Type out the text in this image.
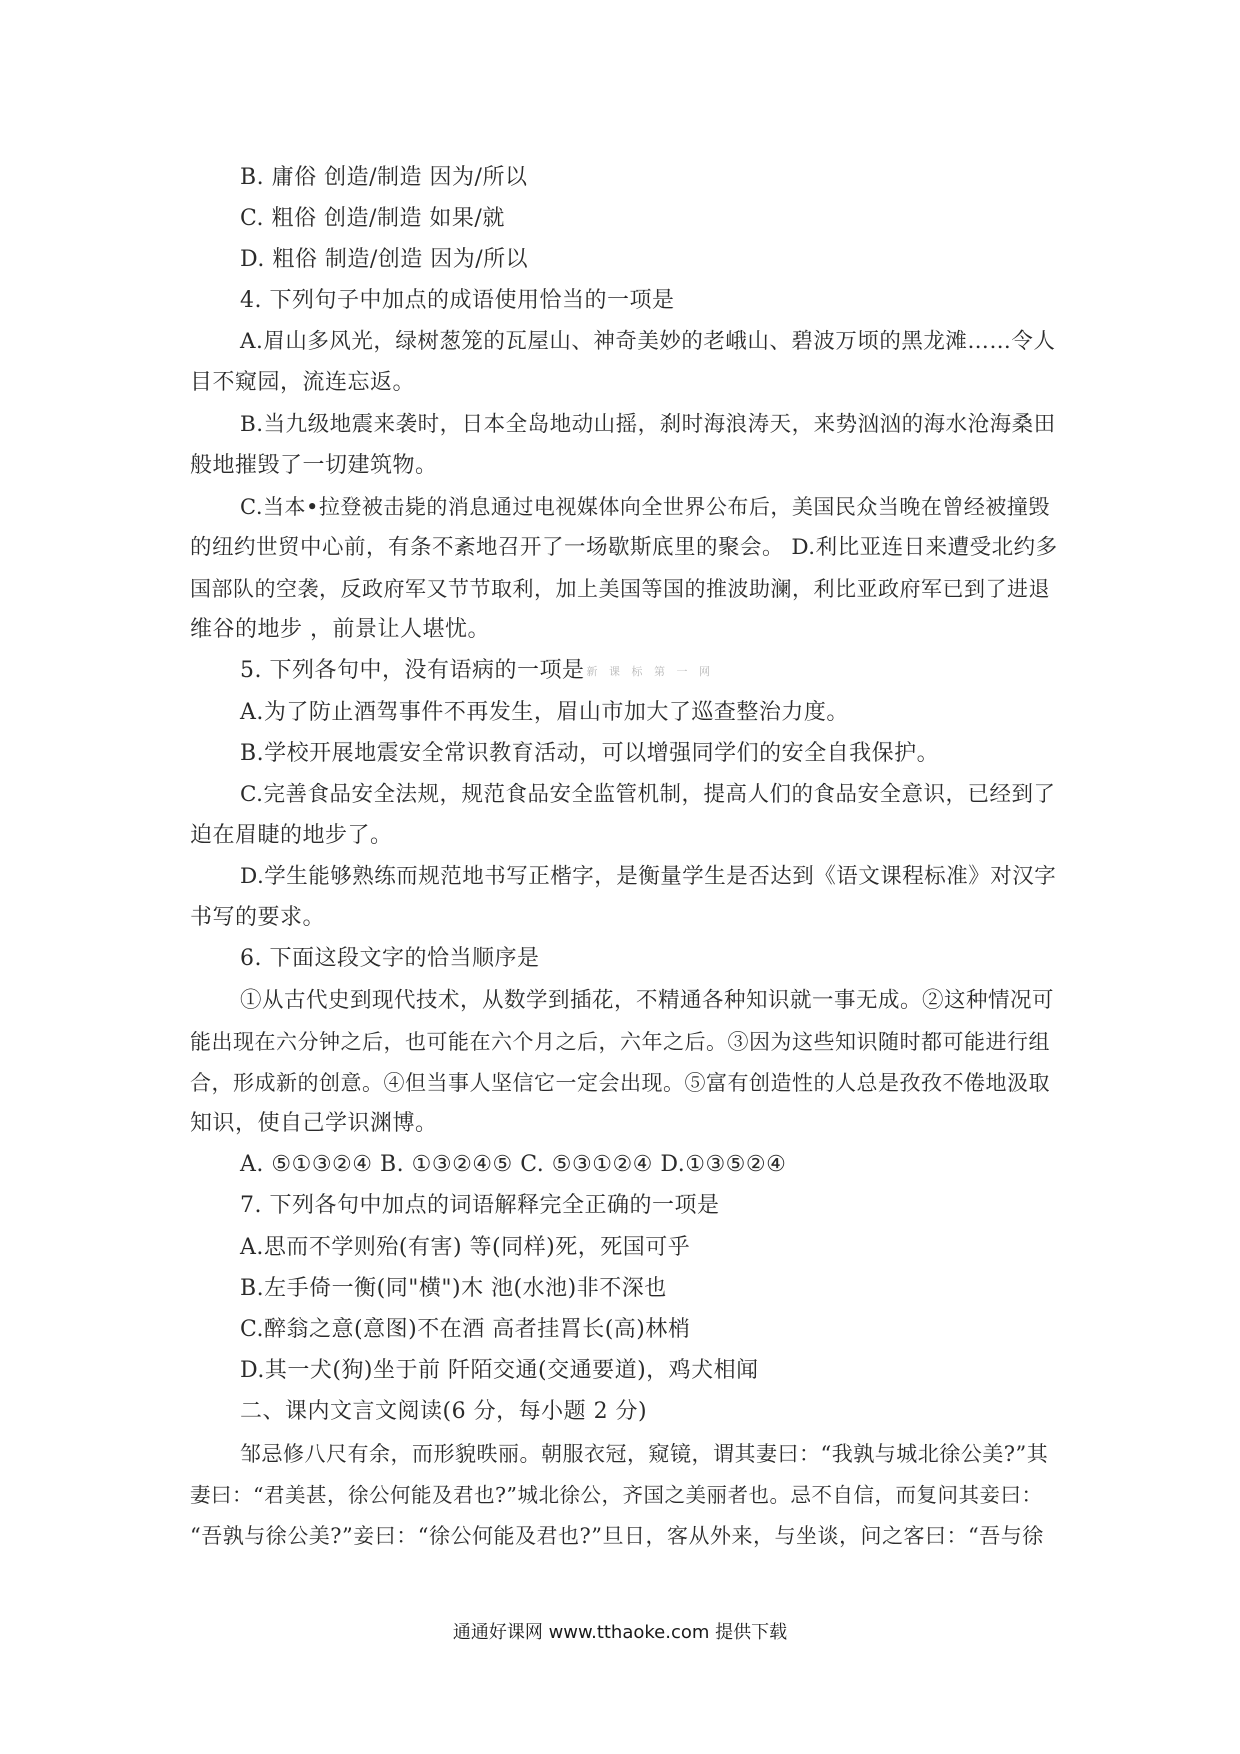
B. 庸俗 创造/制造 因为/所以
C. 粗俗 创造/制造 如果/就
D. 粗俗 制造/创造 因为/所以
4. 下列句子中加点的成语使用恰当的一项是
A.眉山多风光，绿树葱笼的瓦屋山、神奇美妙的老峨山、碧波万顷的黑龙滩……令人
目不窥园，流连忘返。
B.当九级地震来袭时，日本全岛地动山摇，刹时海浪涛天，来势汹汹的海水沧海桑田
般地摧毁了一切建筑物。
C.当本•拉登被击毙的消息通过电视媒体向全世界公布后，美国民众当晚在曾经被撞毁
的纽约世贸中心前，有条不紊地召开了一场歇斯底里的聚会。 D.利比亚连日来遭受北约多
国部队的空袭，反政府军又节节取利，加上美国等国的推波助澜，利比亚政府军已到了进退
维谷的地步 ，前景让人堪忧。
5. 下列各句中，没有语病的一项是 新 课 标 第 一 网
A.为了防止酒驾事件不再发生，眉山市加大了巡查整治力度。
B.学校开展地震安全常识教育活动，可以增强同学们的安全自我保护。
C.完善食品安全法规，规范食品安全监管机制，提高人们的食品安全意识，已经到了
迫在眉睫的地步了。
D.学生能够熟练而规范地书写正楷字，是衡量学生是否达到《语文课程标准》对汉字
书写的要求。
6. 下面这段文字的恰当顺序是
①从古代史到现代技术，从数学到插花，不精通各种知识就一事无成。②这种情况可
能出现在六分钟之后，也可能在六个月之后，六年之后。③因为这些知识随时都可能进行组
合，形成新的创意。④但当事人坚信它一定会出现。⑤富有创造性的人总是孜孜不倦地汲取
知识，使自己学识渊博。
A. ⑤①③②④ B. ①③②④⑤ C. ⑤③①②④ D.①③⑤②④
7. 下列各句中加点的词语解释完全正确的一项是
A.思而不学则殆(有害) 等(同样)死，死国可乎
B.左手倚一衡(同"横")木 池(水池)非不深也
C.醉翁之意(意图)不在酒 高者挂罥长(高)林梢
D.其一犬(狗)坐于前 阡陌交通(交通要道)，鸡犬相闻
二、课内文言文阅读(6 分，每小题 2 分)
邹忌修八尺有余，而形貌昳丽。朝服衣冠，窥镜，谓其妻曰：“我孰与城北徐公美?”其
妻曰：“君美甚，徐公何能及君也?”城北徐公，齐国之美丽者也。忌不自信，而复问其妾曰：
“吾孰与徐公美?”妾曰：“徐公何能及君也?”旦日，客从外来，与坐谈，问之客曰：“吾与徐
通通好课网 www.tthaoke.com 提供下载
